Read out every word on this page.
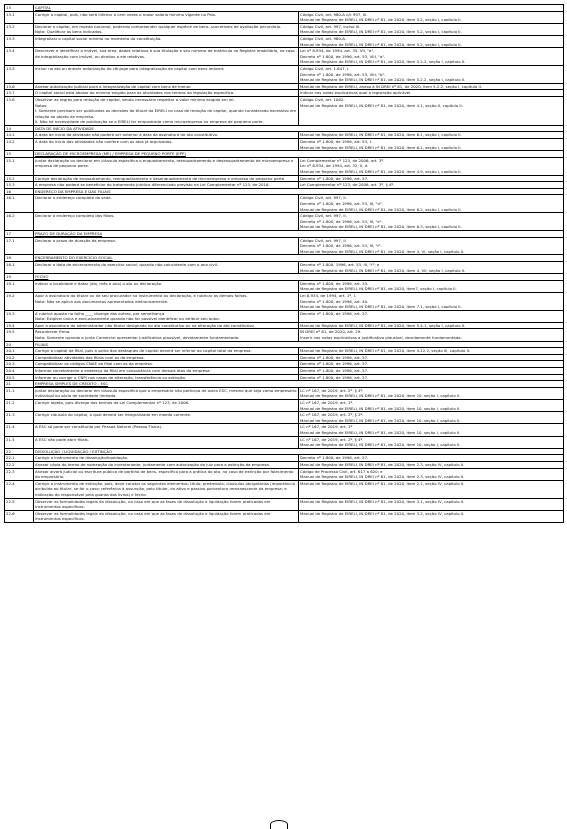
13	CAPITAL	

13.1	Corrigir o capital, pois, não será inferior a cem vezes o maior salário mínimo vigente no País.	Código Civil, art. 980-A c/c 997, III.
Manual de Registro de EIRELI, IN DREI nº 81, de 2020, item 5.2, seção I, capítulo II.

13.2	Declarar o capital, em moeda nacional, podendo compreender qualquer espécie de bens, suscetíveis de avaliação pecuniária.
Nota: Qualificar os bens indicados.	Código Civil, art. 997, inciso III.
Manual de Registro de EIRELI, IN DREI nº 81, de 2020, item 5.2, seção I, capítulo II.

13.3	Integralizar o capital social mínimo no momento da constituição.	Código Civil, art. 980-A.
Manual de Registro de EIRELI, IN DREI nº 81, de 2020, item 5.2, seção I, capítulo II.

13.4	Descrever e identificar o imóvel, sua área, dados relativos à sua titulação e seu número de matrícula no Registro Imobiliário, no caso de integralização com imóvel, ou direitos a ele relativos.	Lei nº 8.934, de 1994, art. 35, VII, "a".
Decreto nº 1.800, de 1996, art. 53, VIII, "a".
Manual de Registro de EIRELI, IN DREI nº 81, de 2020, item 5.2.2, seção I, capítulo II.

13.5	Incluir no ato ou anexar autorização do cônjuge para integralização de capital com bens imóveis	Código Civil, art. 1.647, I.
Decreto nº 1.800, de 1996, art. 53, VIII, "b".
Manual de Registro de EIRELI, IN DREI nº 81, de 2020, item 5.2.2, seção I, capítulo II.

13.6	Anexar autorização judicial para a integralização de capital com bens de menor.	Manual de Registro de EIRELI, anexo à IN DREI nº 81, de 2020, item 5.2.2, seção I, capítulo II.

13.7	O capital social está abaixo do mínimo exigido para as atividades nos termos da legislação específica.	Indicar nas notas explicativas qual a legislação aplicável.

13.8	Observar as regras para redução de capital, sendo necessário respeitar o valor mínimo exigido em lei.
Notas:
I. Somente precisam ser publicadas as decisões do titular da EIRELI no caso de redução de capital, quando considerado excessivo em relação ao objeto da empresa.
II. Não há necessidade de publicação se a EIRELI for enquadrada como microempresa ou empresa de pequeno porte.	Código Civil, art. 1082.
Manual de Registro de EIRELI, IN DREI nº 81, de 2020, item 4.1, seção II, capítulo II.

14	DATA DE INÍCIO DA ATIVIDADE	

14.1	A data de início da atividade não poderá ser anterior à data da assinatura do ato constitutivo.	Manual de Registro de EIRELI, IN DREI nº 81, de 2020, item 6.1, seção I, capítulo II.

14.2	A data de início das atividades não confere com os atos já arquivados.	Decreto nº 1.800, de 1996, art. 53, I.
Manual de Registro de EIRELI, IN DREI nº 81, de 2020, item 6.1, seção I, capítulo II.

15	DECLARAÇÃO DE MICROEMPRESA (ME) / EMPRESA DE PEQUENO PORTE (EPP)	

15.1	Juntar declaração ou declarar em cláusula específica o enquadramento, reenquadramento e desenquadramento de microempresa e empresa de pequeno porte.	Lei Complementar nº 123, de 2006, art. 3º.
Lei nº 8.934, de 1994, art. 32, II, d.
Manual de Registro de EIRELI, IN DREI nº 81, de 2020, item 4.9, seção I, capítulo II.

15.2	Corrigir declaração de enquadramento, reenquadramento e desenquadramento de microempresa e empresa de pequeno porte.	Decreto nº 1.800, de 1996, art. 57.

15.3	A empresa não poderá se beneficiar do tratamento jurídico diferenciado previsto na Lei Complementar nº 123, de 2016.	Lei Complementar nº 123, de 2006, art. 3º, § 4º.

16	ENDEREÇO DA EMPRESA E DAS FILIAIS	

16.1	Declarar o endereço completo da sede.	Código Civil, art. 997, II.
Decreto nº 1.800, de 1996, art. 53, III, "d".
Manual de Registro de EIRELI, IN DREI nº 81, de 2020, item 6.2, seção I, capítulo II.

16.2	Declarar o endereço completo das filiais.	Código Civil, art. 997, II.
Decreto nº 1.800, de 1996, art. 53, III, "e".
Manual de Registro de EIRELI, IN DREI nº 81, de 2020, item 6.3, seção I, capítulo II.

17	PRAZO DE DURAÇÃO DA EMPRESA	

17.1	Declarar o prazo de duração da empresa.	Código Civil, art. 997, II.
Decreto nº 1.800, de 1996, art. 53, III, "f".
Manual de Registro de EIRELI, IN DREI nº 81, de 2020, item 4, VI, seção I, capítulo II.

18	ENCERRAMENTO DO EXERCÍCIO SOCIAL	

18.1	Declarar a data de encerramento do exercício social, quando não coincidente com o ano civil.	Decreto nº 1.800, 1996, art. 53, III, "f"; e
Manual de Registro de EIRELI, IN DREI nº 81, de 2020, item 4, VII, seção I, capítulo II.

19	FECHO	

19.1	Indicar a localidade e datar (dia, mês e ano) o ato ou declaração.	Decreto nº 1.800, de 1996, art. 33.
Manual de Registro de EIRELI, IN DREI nº 81, de 2020, item7, seção I, capítulo II.

19.2	Apor a assinatura do titular ou de seu procurador no instrumento ou declaração, e rubricar as demais folhas.
Nota: Não se aplica aos documentos apresentados eletronicamente.	Lei 8.934, de 1994, art. 1º, I.
Decreto nº 1.800, de 1996, art. 40.
Manual de Registro de EIRELI, IN DREI nº 81, de 2020, item 7.1, seção I, capítulo II.

19.3	A rubrica aposta na folha ____ diverge das outras, por semelhança.
Nota: Exigível única e exclusivamente quando não for possível identificar ou atribuir seu autor.	Decreto nº 1.800, de 1996, art. 57.

19.4	Apor a assinatura do administrador não titular designado no ato constitutivo ou na alteração do ato constitutivo.	Manual de Registro de EIRELI, IN DREI nº 81, de 2020, item 5.4.1, seção I, capítulo II.

19.5	Reconhecer firma.
Nota: Somente quando a Junta Comercial apresentar justificativa plausível, devidamente fundamentada.	IN DREI nº 81, de 2020, art. 29.
Inserir nas notas explicativas a justificativa plausível, devidamente fundamentada.

20	FILIAIS	

20.1	Corrigir o capital da filial, pois a soma dos destaques de capital deverá ser inferior ao capital total da empresa.	Manual de Registro de EIRELI, IN DREI nº 81, de 2020, item 4.12.2, seção III, capítulo II.

20.2	Compatibilizar atividades das filiais com as da empresa.	Decreto nº 1.800, de 1996, art. 57.

20.3	Compatibilizar os códigos CNAE da filial com os da empresa.	Decreto nº 1.800, de 1996, art. 57.

20.4	Informar corretamente o endereço da filial em consonância com demais atos da empresa.	Decreto nº 1.800, de 1996, art. 57.

20.5	Informar ou corrigir o CNPJ nos casos de alteração, transferência ou extinção.	Decreto nº 1.800, de 1996, art. 57.

21	EMPRESA SIMPLES DE CRÉDITO - ESC	

21.1	Juntar declaração ou declarar em cláusula específica que o empresário não participa de outra ESC, mesmo que seja como empresário individual ou sócio de sociedade limitada.	LC nº 167, de 2019, art. 2º, § 4º.
Manual de Registro de EIRELI, IN DREI nº 81, de 2020, item 10, seção I, capítulo II.

21.2	Corrigir objeto, pois diverge dos termos da Lei Complementar nº 123, de 2006.	LC nº 167, de 2019, art. 1º.
Manual de Registro de EIRELI, IN DREI nº 81, de 2020, item 10, seção I, capítulo II.

21.3	Corrigir cláusula do capital, o qual deverá ser integralizado em moeda corrente.	LC nº 167, de 2019, art. 2º, § 2º.
Manual de Registro de EIRELI, IN DREI nº 81, de 2020, item 10, seção I, capítulo II.

21.4	A ESC só pode ser constituída por Pessoa Natural (Pessoa Física).	LC nº 167, de 2019, art. 1º
Manual de Registro de EIRELI, IN DREI nº 81, de 2020, item 10, seção I, capítulo II.

21.5	A ESC não pode abrir filiais.	LC nº 167, de 2019, art. 2º, § 4º.
Manual de Registro de EIRELI, IN DREI nº 81, de 2020, item 10, seção I, capítulo II.

22	DISSOLUÇÃO / LIQUIDAÇÃO / EXTINÇÃO	

22.1	Corrigir o instrumento de dissolução/liquidação.	Decreto nº 1.800, de 1996, art. 57.

22.2	Anexar cópia do termo de nomeação do inventariante, juntamente com autorização do juiz para a extinção da empresa.	Manual de Registro de EIRELI, IN DREI nº 81, de 2020, item 2.3, seção IV, capítulo II.

22.3	Anexar alvará judicial ou escritura pública de partilha de bens, específico para a prática do ato, no caso de extinção por falecimento do empresário.	Código de Processo Civil, art. 617 a 620; e
Manual de Registro de EIRELI, IN DREI nº 81, de 2020, item 2.3, seção IV, capítulo II.

22.4	Corrigir o instrumento de extinção, pois, deve constar os seguintes elementos: título; preâmbulo; cláusulas obrigatórias (importância atribuída ao titular, se for o caso; referência à assunção, pelo titular, do ativo e passivo porventura remanescente da empresa; e indicação do responsável pela guarda dos livros) e fecho.	Manual de Registro de EIRELI, IN DREI nº 81, de 2020, item 2.1, seção IV, capítulo II.

22.5	Observar as formalidades legais da dissolução, no caso em que as fases de dissolução e liquidação forem praticadas em instrumentos específicos.	Manual de Registro de EIRELI, IN DREI nº 81, de 2020, item 3.1, seção IV, capítulo II.

22.6	Observar as formalidades legais da dissolução, no caso em que as fases de dissolução e liquidação forem praticadas em instrumentos específicos.	Manual de Registro de EIRELI, IN DREI nº 81, de 2020, item 3.2, seção IV, capítulo II.
